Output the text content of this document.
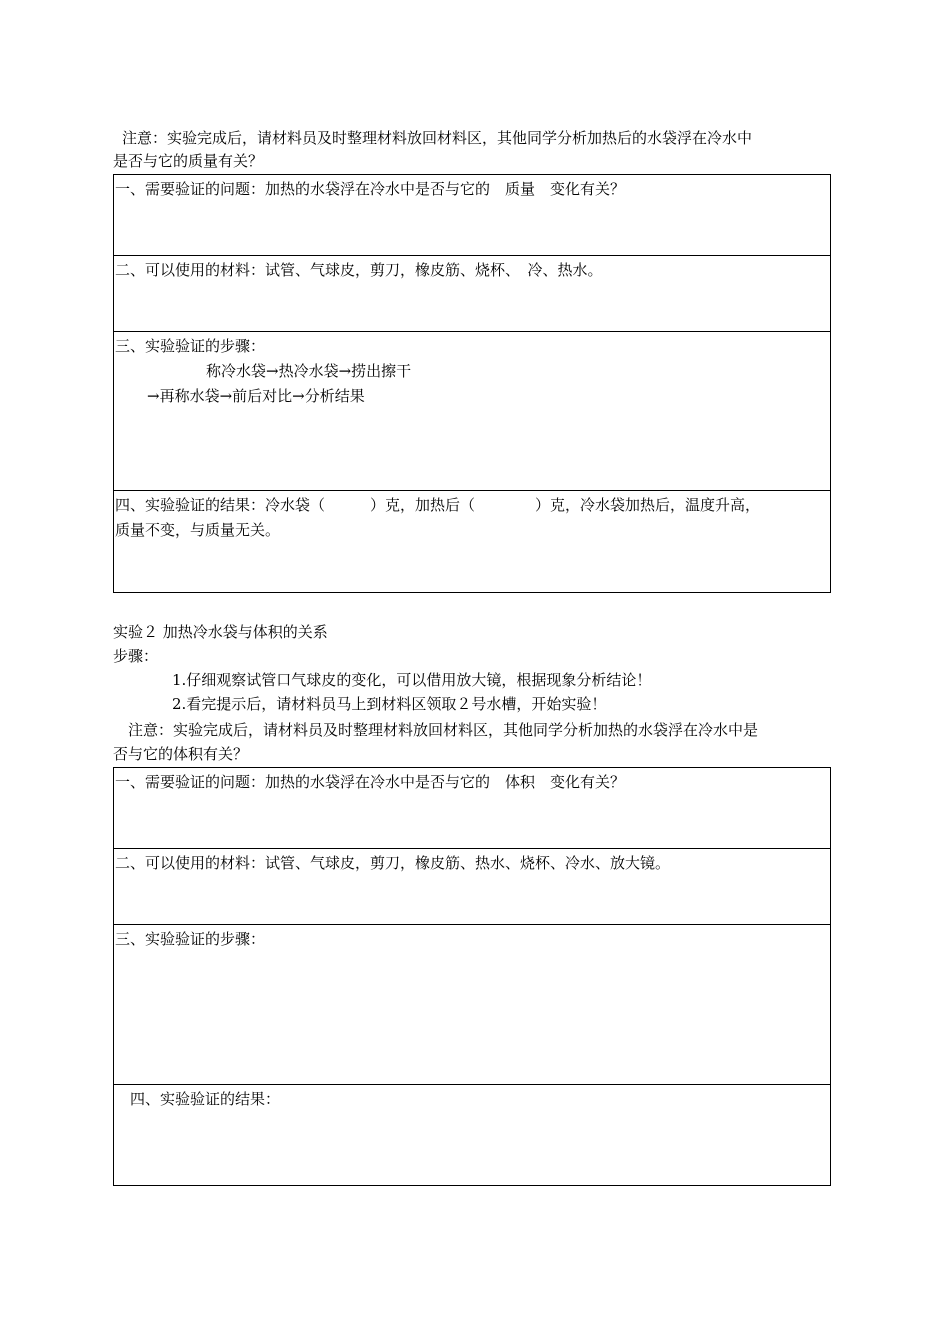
注意：实验完成后，请材料员及时整理材料放回材料区，其他同学分析加热后的水袋浮在冷水中
是否与它的质量有关？
一、需要验证的问题：加热的水袋浮在冷水中是否与它的　质量　变化有关？
二、可以使用的材料：试管、气球皮，剪刀，橡皮筋、烧杯、　冷、热水。
三、实验验证的步骤：
称冷水袋→热冷水袋→捞出擦干
→再称水袋→前后对比→分析结果
四、实验验证的结果：冷水袋（　　　）克，加热后（　　　　）克，冷水袋加热后，温度升高，
质量不变，与质量无关。
实验２ 加热冷水袋与体积的关系
步骤：
1.仔细观察试管口气球皮的变化，可以借用放大镜，根据现象分析结论！
2.看完提示后，请材料员马上到材料区领取２号水槽，开始实验！
注意：实验完成后，请材料员及时整理材料放回材料区，其他同学分析加热的水袋浮在冷水中是
否与它的体积有关？
一、需要验证的问题：加热的水袋浮在冷水中是否与它的　体积　变化有关？
二、可以使用的材料：试管、气球皮，剪刀，橡皮筋、热水、烧杯、冷水、放大镜。
三、实验验证的步骤：
四、实验验证的结果：
